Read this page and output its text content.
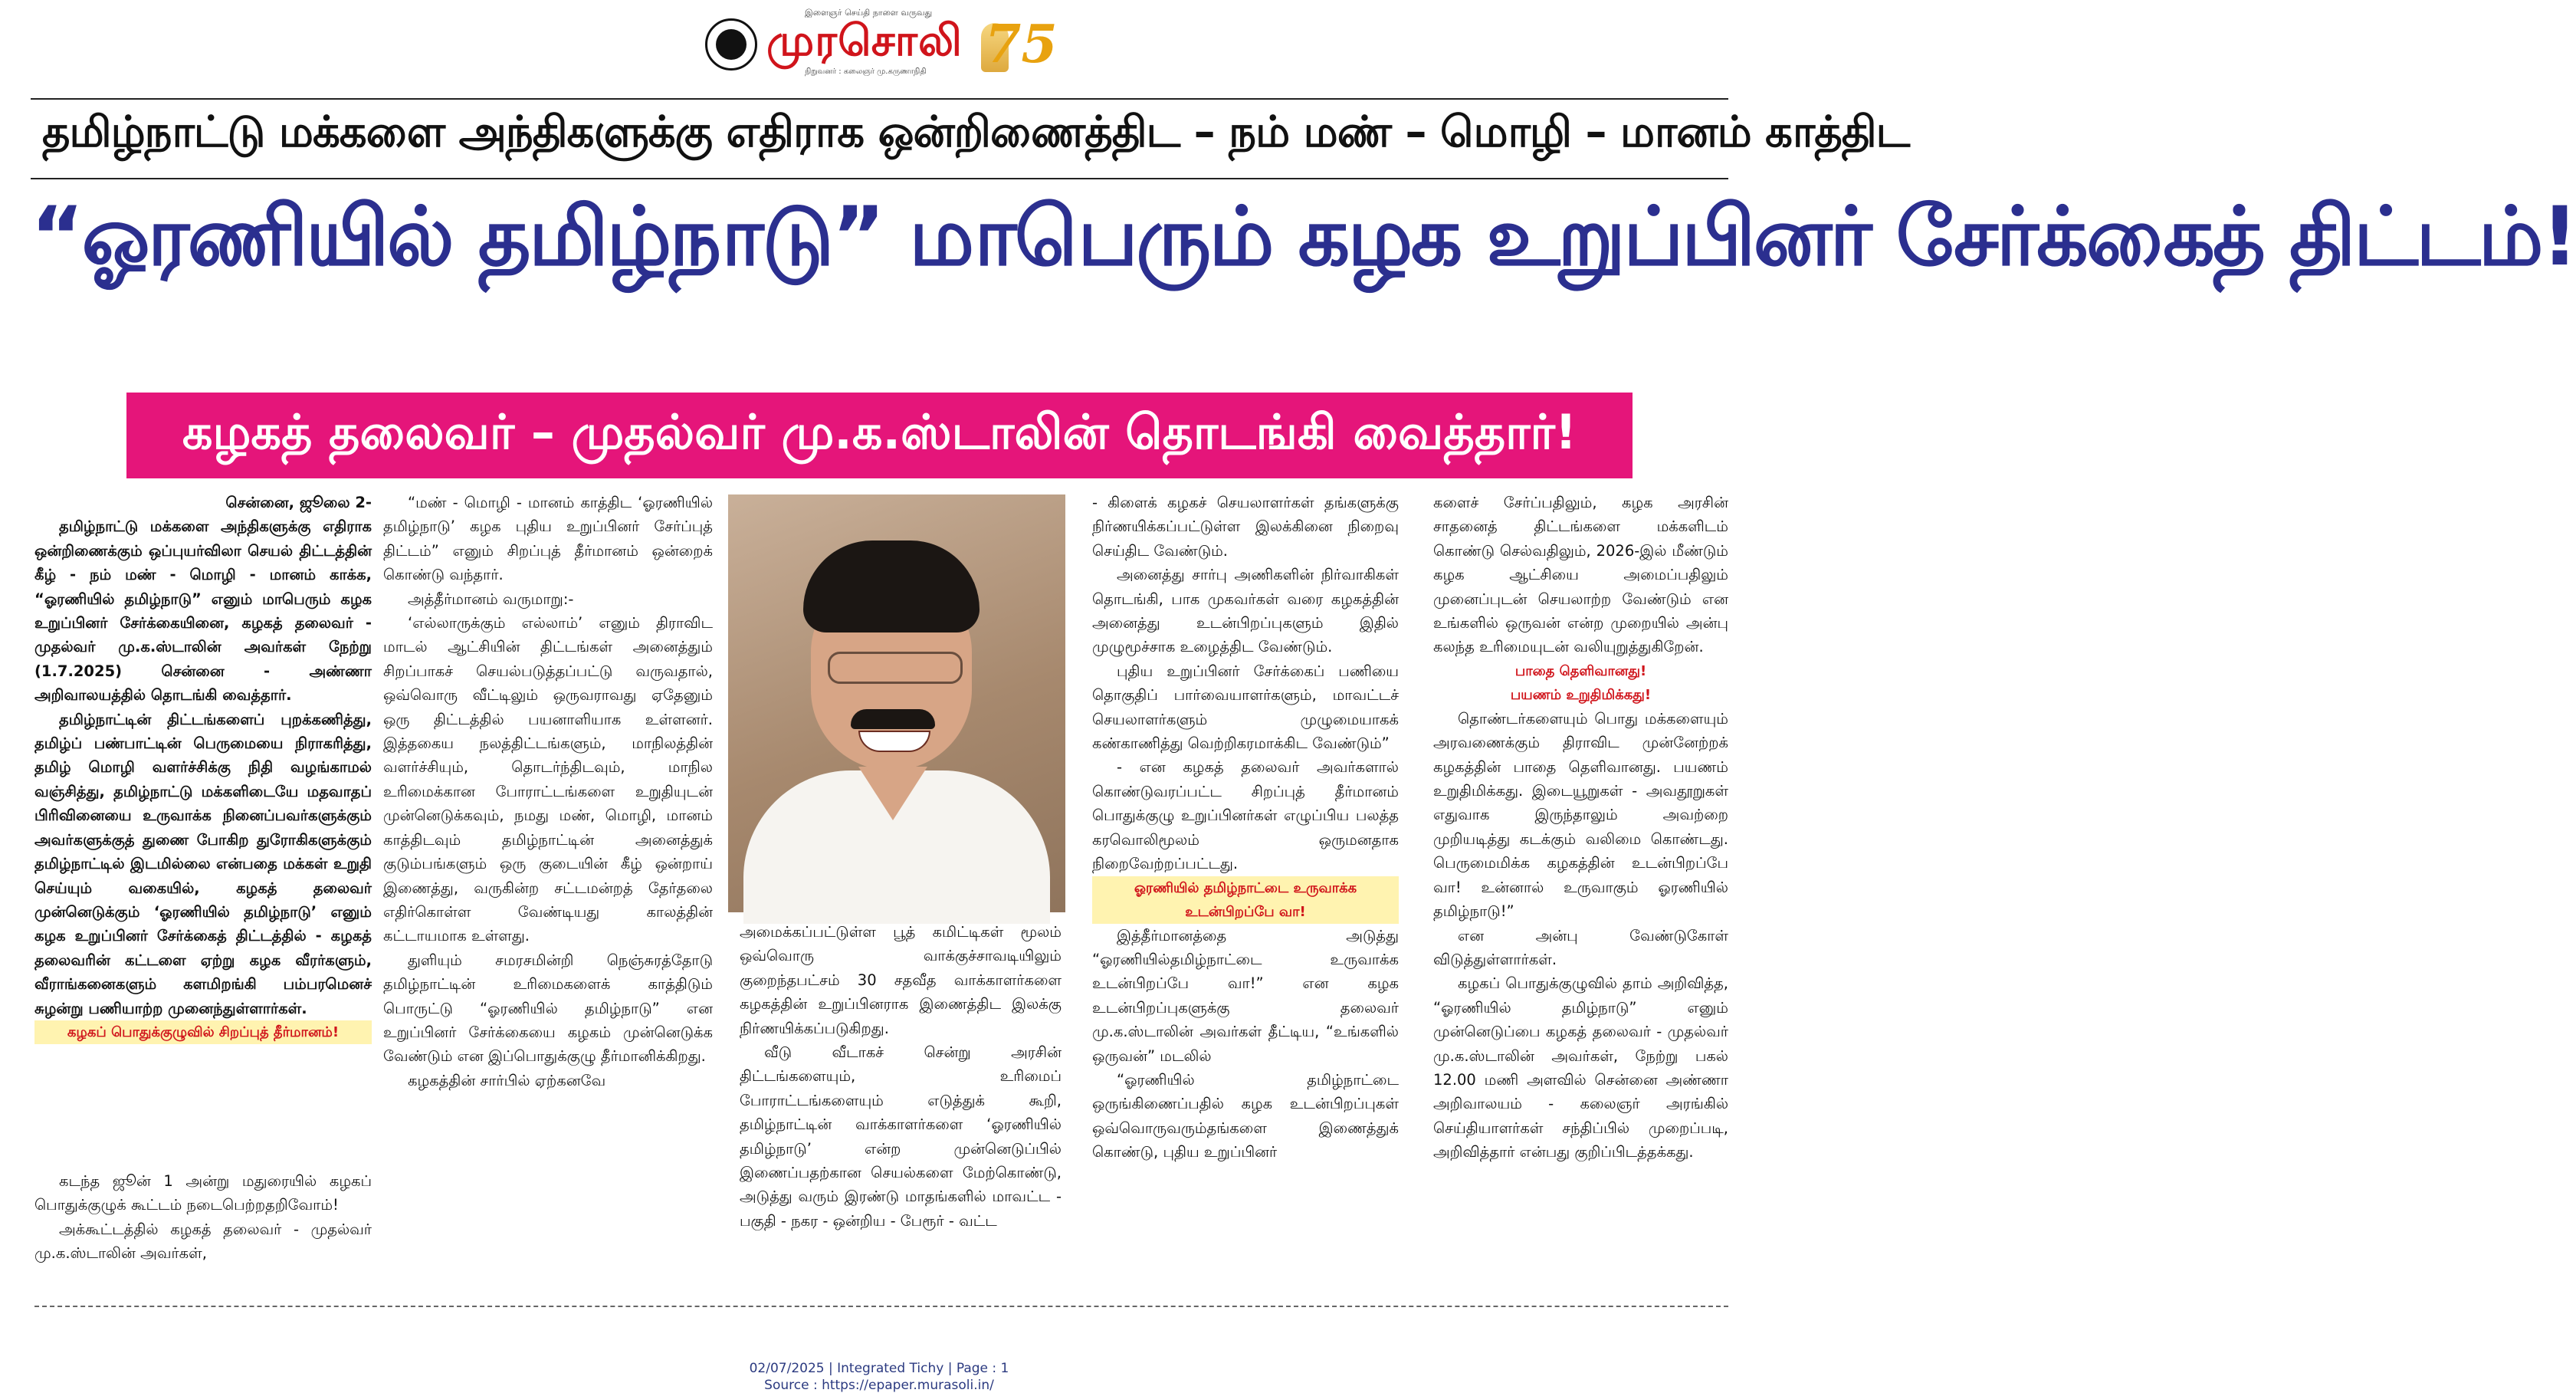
இளைஞர் செய்தி நாளை வருவது
முரசொலி 75
நிறுவனர் : கலைஞர் மு.கருணாநிதி
தமிழ்நாட்டு மக்களை அந்திகளுக்கு எதிராக ஒன்றிணைத்திட – நம் மண் – மொழி – மானம் காத்திட
“ஓரணியில் தமிழ்நாடு” மாபெரும் கழக உறுப்பினர் சேர்க்கைத் திட்டம்!
கழகத் தலைவர் – முதல்வர் மு.க.ஸ்டாலின் தொடங்கி வைத்தார்!

சென்னை, ஜூலை 2-

தமிழ்நாட்டு மக்களை அந்திகளுக்கு எதிராக ஒன்றிணைக்கும் ஒப்புயர்விலா செயல் திட்டத்தின் கீழ் - நம் மண் - மொழி - மானம் காக்க, “ஓரணியில் தமிழ்நாடு” எனும் மாபெரும் கழக உறுப்பினர் சேர்க்கையினை, கழகத் தலைவர் - முதல்வர் மு.க.ஸ்டாலின் அவர்கள் நேற்று (1.7.2025) சென்னை - அண்ணா அறிவாலயத்தில் தொடங்கி வைத்தார்.

தமிழ்நாட்டின் திட்டங்களைப் புறக்கணித்து, தமிழ்ப் பண்பாட்டின் பெருமையை நிராகரித்து, தமிழ் மொழி வளர்ச்சிக்கு நிதி வழங்காமல் வஞ்சித்து, தமிழ்நாட்டு மக்களிடையே மதவாதப் பிரிவினையை உருவாக்க நினைப்பவர்களுக்கும் அவர்களுக்குத் துணை போகிற துரோகிகளுக்கும் தமிழ்நாட்டில் இடமில்லை என்பதை மக்கள் உறுதி செய்யும் வகையில், கழகத் தலைவர் முன்னெடுக்கும் ‘ஓரணியில் தமிழ்நாடு’ எனும் கழக உறுப்பினர் சேர்க்கைத் திட்டத்தில் - கழகத் தலைவரின் கட்டளை ஏற்று கழக வீரர்களும், வீராங்கனைகளும் களமிறங்கி பம்பரமெனச் சுழன்று பணியாற்ற முனைந்துள்ளார்கள்.

கழகப் பொதுக்குழுவில் சிறப்புத் தீர்மானம்!

கடந்த ஜூன் 1 அன்று மதுரையில் கழகப் பொதுக்குழுக் கூட்டம் நடைபெற்றதறிவோம்!

அக்கூட்டத்தில் கழகத் தலைவர் - முதல்வர் மு.க.ஸ்டாலின் அவர்கள்,

“மண் - மொழி - மானம் காத்திட ‘ஓரணியில் தமிழ்நாடு’ கழக புதிய உறுப்பினர் சேர்ப்புத் திட்டம்” எனும் சிறப்புத் தீர்மானம் ஒன்றைக் கொண்டு வந்தார்.

அத்தீர்மானம் வருமாறு:-

‘எல்லாருக்கும் எல்லாம்’ எனும் திராவிட மாடல் ஆட்சியின் திட்டங்கள் அனைத்தும் சிறப்பாகச் செயல்படுத்தப்பட்டு வருவதால், ஒவ்வொரு வீட்டிலும் ஒருவராவது ஏதேனும் ஒரு திட்டத்தில் பயனாளியாக உள்ளனர். இத்தகைய நலத்திட்டங்களும், மாநிலத்தின் வளர்ச்சியும், தொடர்ந்திடவும், மாநில உரிமைக்கான போராட்டங்களை உறுதியுடன் முன்னெடுக்கவும், நமது மண், மொழி, மானம் காத்திடவும் தமிழ்நாட்டின் அனைத்துக் குடும்பங்களும் ஒரு குடையின் கீழ் ஒன்றாய் இணைத்து, வருகின்ற சட்டமன்றத் தேர்தலை எதிர்கொள்ள வேண்டியது காலத்தின் கட்டாயமாக உள்ளது.

துளியும் சமரசமின்றி நெஞ்சுரத்தோடு தமிழ்நாட்டின் உரிமைகளைக் காத்திடும் பொருட்டு “ஓரணியில் தமிழ்நாடு” என உறுப்பினர் சேர்க்கையை கழகம் முன்னெடுக்க வேண்டும் என இப்பொதுக்குழு தீர்மானிக்கிறது.

கழகத்தின் சார்பில் ஏற்கனவே

அமைக்கப்பட்டுள்ள பூத் கமிட்டிகள் மூலம் ஒவ்வொரு வாக்குச்சாவடியிலும் குறைந்தபட்சம் 30 சதவீத வாக்காளர்களை கழகத்தின் உறுப்பினராக இணைத்திட இலக்கு நிர்ணயிக்கப்படுகிறது.

வீடு வீடாகச் சென்று அரசின் திட்டங்களையும், உரிமைப் போராட்டங்களையும் எடுத்துக் கூறி, தமிழ்நாட்டின் வாக்காளர்களை ‘ஓரணியில் தமிழ்நாடு’ என்ற முன்னெடுப்பில் இணைப்பதற்கான செயல்களை மேற்கொண்டு, அடுத்து வரும் இரண்டு மாதங்களில் மாவட்ட - பகுதி - நகர - ஒன்றிய - பேரூர் - வட்ட

- கிளைக் கழகச் செயலாளர்கள் தங்களுக்கு நிர்ணயிக்கப்பட்டுள்ள இலக்கினை நிறைவு செய்திட வேண்டும்.

அனைத்து சார்பு அணிகளின் நிர்வாகிகள் தொடங்கி, பாக முகவர்கள் வரை கழகத்தின் அனைத்து உடன்பிறப்புகளும் இதில் முழுமூச்சாக உழைத்திட வேண்டும்.

புதிய உறுப்பினர் சேர்க்கைப் பணியை தொகுதிப் பார்வையாளர்களும், மாவட்டச் செயலாளர்களும் முழுமையாகக் கண்காணித்து வெற்றிகரமாக்கிட வேண்டும்”

- என கழகத் தலைவர் அவர்களால் கொண்டுவரப்பட்ட சிறப்புத் தீர்மானம் பொதுக்குழு உறுப்பினர்கள் எழுப்பிய பலத்த கரவொலிமூலம் ஒருமனதாக நிறைவேற்றப்பட்டது.

ஓரணியில் தமிழ்நாட்டை உருவாக்க

உடன்பிறப்பே வா!

இத்தீர்மானத்தை அடுத்து “ஓரணியில்தமிழ்நாட்டை உருவாக்க உடன்பிறப்பே வா!” என கழக உடன்பிறப்புகளுக்கு தலைவர் மு.க.ஸ்டாலின் அவர்கள் தீட்டிய, “உங்களில் ஒருவன்” மடலில்

“ஓரணியில் தமிழ்நாட்டை ஒருங்கிணைப்பதில் கழக உடன்பிறப்புகள் ஒவ்வொருவரும்தங்களை இணைத்துக் கொண்டு, புதிய உறுப்பினர்

களைச் சேர்ப்பதிலும், கழக அரசின் சாதனைத் திட்டங்களை மக்களிடம் கொண்டு செல்வதிலும், 2026-இல் மீண்டும் கழக ஆட்சியை அமைப்பதிலும் முனைப்புடன் செயலாற்ற வேண்டும் என உங்களில் ஒருவன் என்ற முறையில் அன்பு கலந்த உரிமையுடன் வலியுறுத்துகிறேன்.

பாதை தெளிவானது!

பயணம் உறுதிமிக்கது!

தொண்டர்களையும் பொது மக்களையும் அரவணைக்கும் திராவிட முன்னேற்றக் கழகத்தின் பாதை தெளிவானது. பயணம் உறுதிமிக்கது. இடையூறுகள் - அவதூறுகள் எதுவாக இருந்தாலும் அவற்றை முறியடித்து கடக்கும் வலிமை கொண்டது. பெருமைமிக்க கழகத்தின் உடன்பிறப்பே வா! உன்னால் உருவாகும் ஓரணியில் தமிழ்நாடு!”

என அன்பு வேண்டுகோள் விடுத்துள்ளார்கள்.

கழகப் பொதுக்குழுவில் தாம் அறிவித்த, “ஓரணியில் தமிழ்நாடு” எனும் முன்னெடுப்பை கழகத் தலைவர் - முதல்வர் மு.க.ஸ்டாலின் அவர்கள், நேற்று பகல் 12.00 மணி அளவில் சென்னை அண்ணா அறிவாலயம் - கலைஞர் அரங்கில் செய்தியாளர்கள் சந்திப்பில் முறைப்படி, அறிவித்தார் என்பது குறிப்பிடத்தக்கது.

02/07/2025 | Integrated Tichy | Page : 1
Source : https://epaper.murasoli.in/
